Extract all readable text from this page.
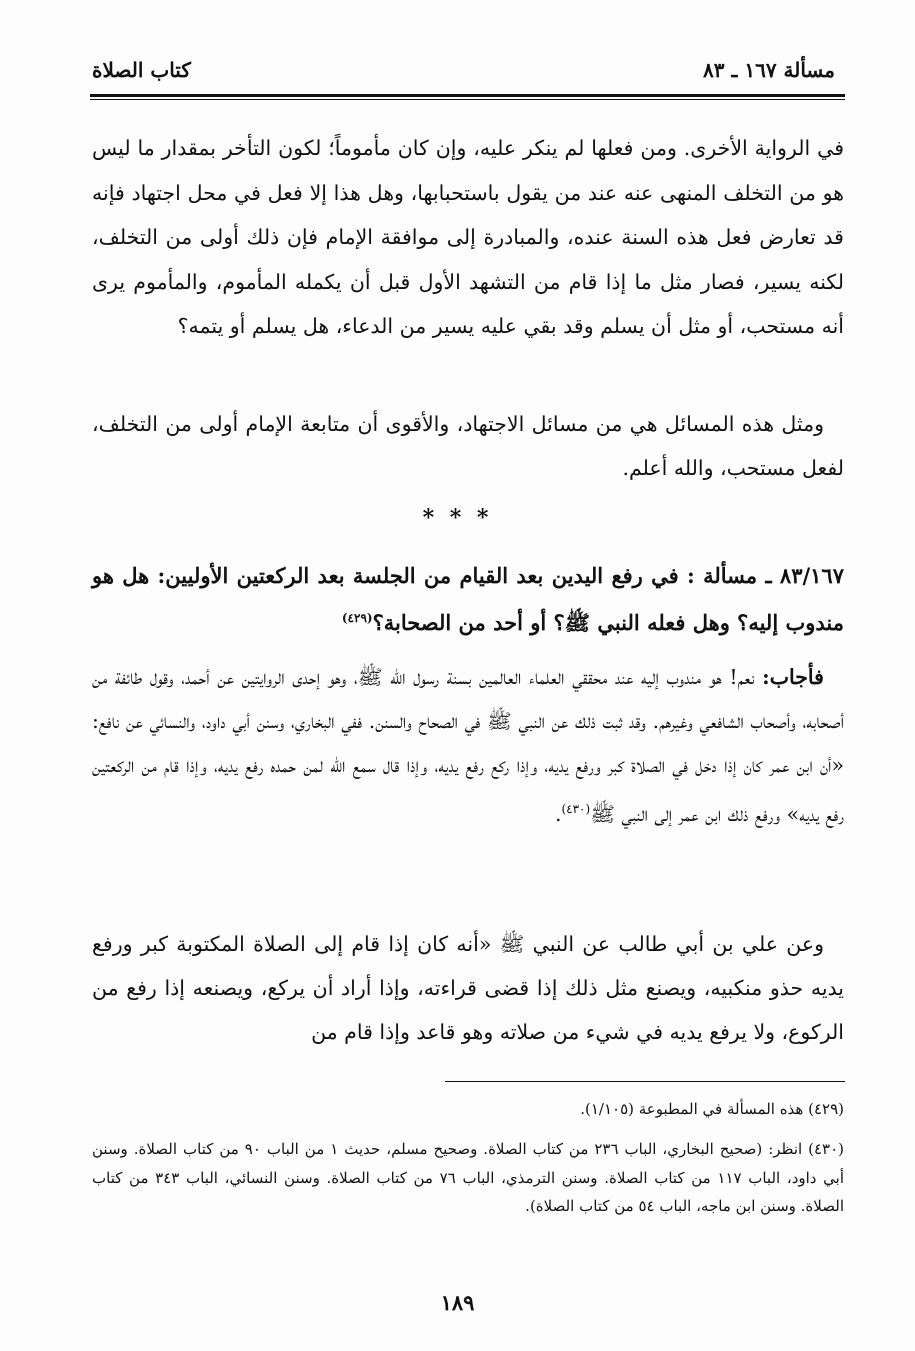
كتاب الصلاة	مسألة ١٦٧ ـ ٨٣
في الرواية الأخرى. ومن فعلها لم ينكر عليه، وإن كان مأموماً؛ لكون التأخر بمقدار ما ليس هو من التخلف المنهى عنه عند من يقول باستحبابها، وهل هذا إلا فعل في محل اجتهاد فإنه قد تعارض فعل هذه السنة عنده، والمبادرة إلى موافقة الإمام فإن ذلك أولى من التخلف، لكنه يسير، فصار مثل ما إذا قام من التشهد الأول قبل أن يكمله المأموم، والمأموم يرى أنه مستحب، أو مثل أن يسلم وقد بقي عليه يسير من الدعاء، هل يسلم أو يتمه؟
ومثل هذه المسائل هي من مسائل الاجتهاد، والأقوى أن متابعة الإمام أولى من التخلف، لفعل مستحب، والله أعلم.
* * *
٨٣/١٦٧ ـ مسألة : في رفع اليدين بعد القيام من الجلسة بعد الركعتين الأوليين: هل هو مندوب إليه؟ وهل فعله النبي ﷺ؟ أو أحد من الصحابة؟$^{(٤٢٩)}$
فأجاب: نعم! هو مندوب إليه عند محققي العلماء العالمين بسنة رسول الله ﷺ، وهو إحدى الروايتين عن أحمد، وقول طائفة من أصحابه، وأصحاب الشافعي وغيرهم. وقد ثبت ذلك عن النبي ﷺ في الصحاح والسنن. ففي البخاري، وسنن أبي داود، والنسائي عن نافع: «أن ابن عمر كان إذا دخل في الصلاة كبر ورفع يديه، وإذا ركع رفع يديه، وإذا قال سمع الله لمن حمده رفع يديه، وإذا قام من الركعتين رفع يديه» ورفع ذلك ابن عمر إلى النبي ﷺ$^{(٤٣٠)}$.
وعن علي بن أبي طالب عن النبي ﷺ «أنه كان إذا قام إلى الصلاة المكتوبة كبر ورفع يديه حذو منكبيه، ويصنع مثل ذلك إذا قضى قراءته، وإذا أراد أن يركع، ويصنعه إذا رفع من الركوع، ولا يرفع يديه في شيء من صلاته وهو قاعد وإذا قام من
(٤٢٩) هذه المسألة في المطبوعة (١/١٠٥).
(٤٣٠) انظر: (صحيح البخاري، الباب ٢٣٦ من كتاب الصلاة. وصحيح مسلم، حديث ١ من الباب ٩٠ من كتاب الصلاة. وسنن أبي داود، الباب ١١٧ من كتاب الصلاة. وسنن الترمذي، الباب ٧٦ من كتاب الصلاة. وسنن النسائي، الباب ٣٤٣ من كتاب الصلاة. وسنن ابن ماجه، الباب ٥٤ من كتاب الصلاة).
١٨٩
